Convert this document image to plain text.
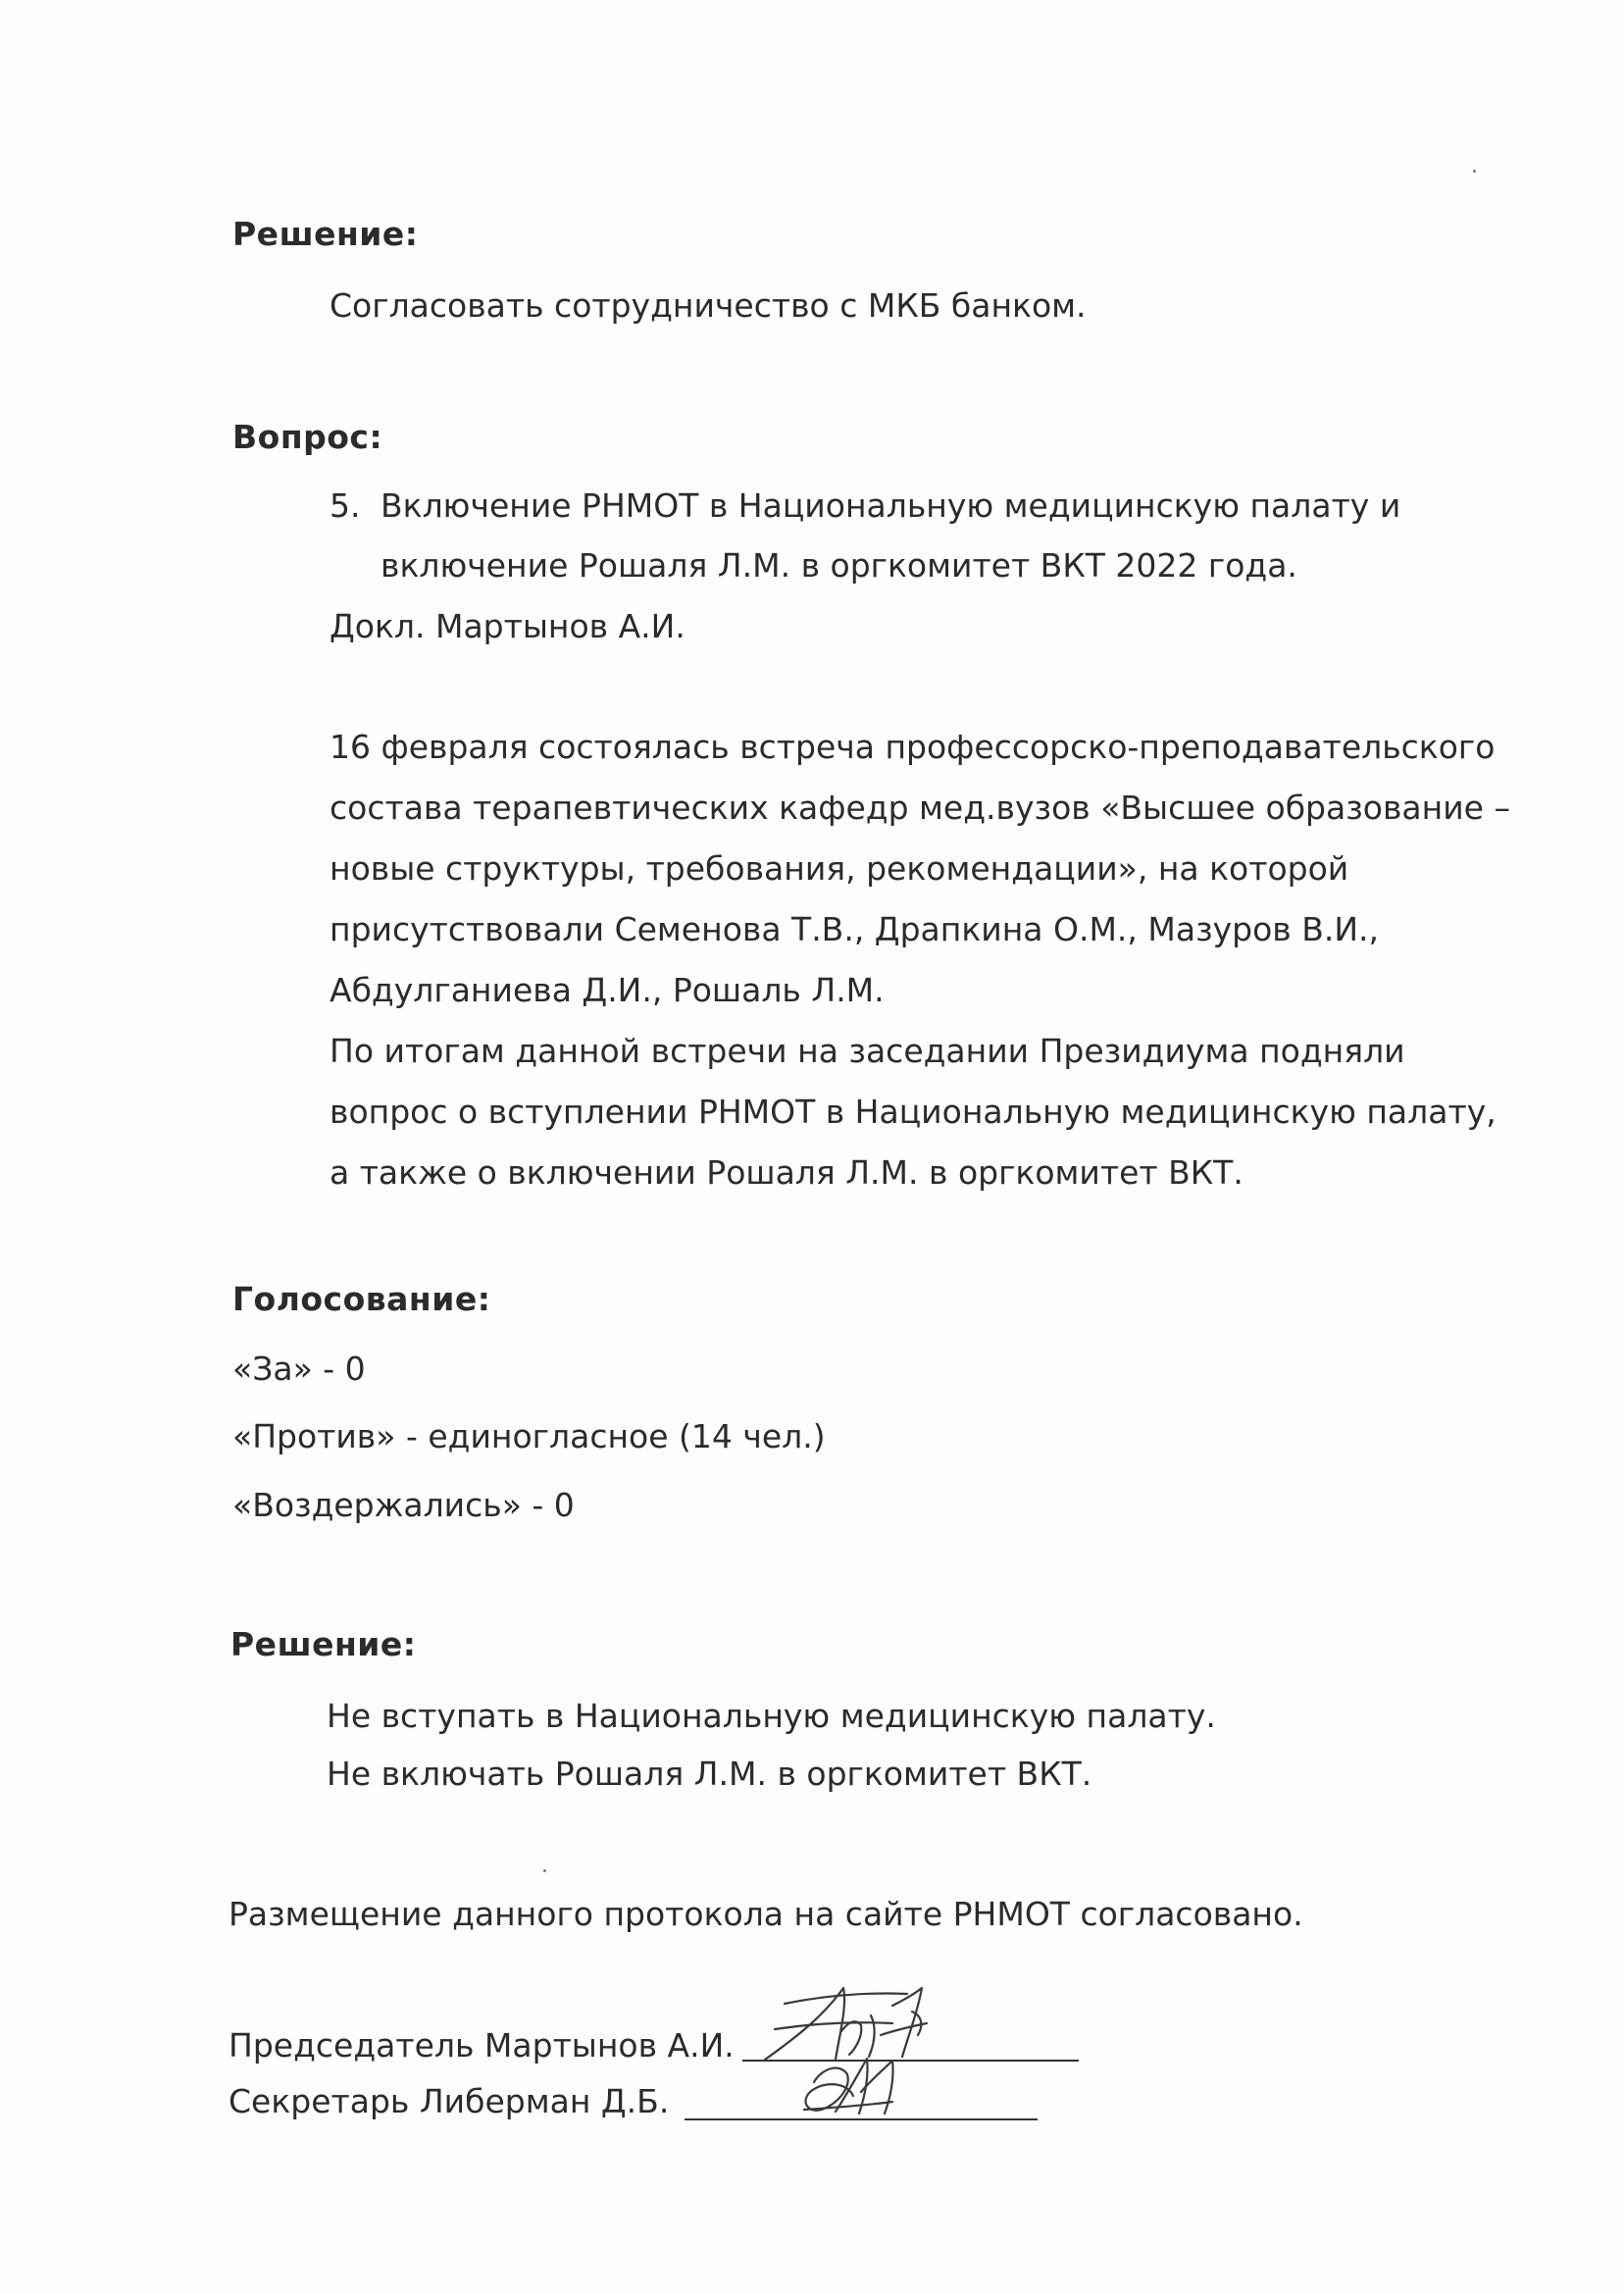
Решение:
Согласовать сотрудничество с МКБ банком.
Вопрос:
5. Включение РНМОТ в Национальную медицинскую палату и
включение Рошаля Л.М. в оргкомитет ВКТ 2022 года.
Докл. Мартынов А.И.
16 февраля состоялась встреча профессорско-преподавательского
состава терапевтических кафедр мед.вузов «Высшее образование –
новые структуры, требования, рекомендации», на которой
присутствовали Семенова Т.В., Драпкина О.М., Мазуров В.И.,
Абдулганиева Д.И., Рошаль Л.М.
По итогам данной встречи на заседании Президиума подняли
вопрос о вступлении РНМОТ в Национальную медицинскую палату,
а также о включении Рошаля Л.М. в оргкомитет ВКТ.
Голосование:
«За» - 0
«Против» - единогласное (14 чел.)
«Воздержались» - 0
Решение:
Не вступать в Национальную медицинскую палату.
Не включать Рошаля Л.М. в оргкомитет ВКТ.
Размещение данного протокола на сайте РНМОТ согласовано.
Председатель Мартынов А.И.
Секретарь Либерман Д.Б.
